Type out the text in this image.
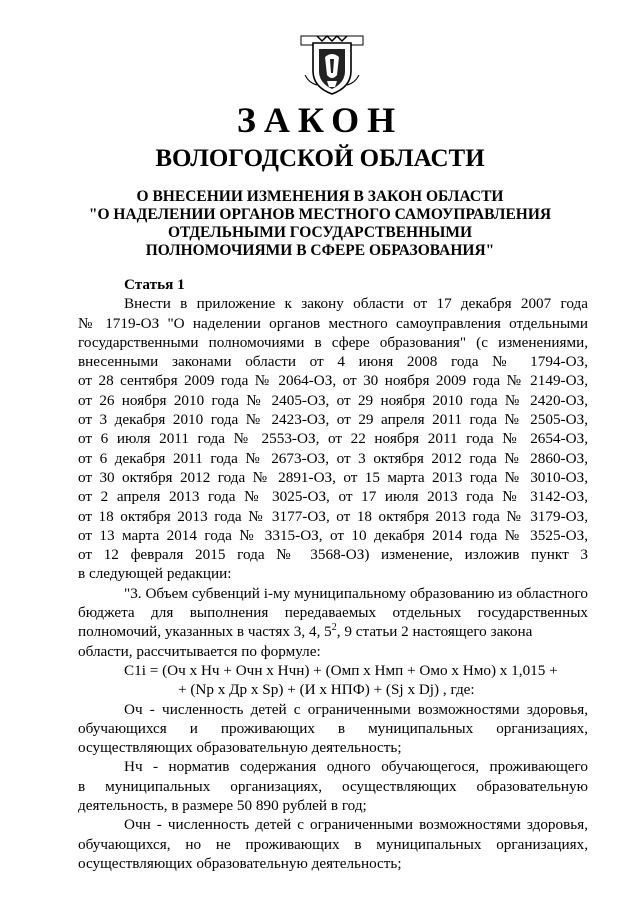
ЗАКОН
ВОЛОГОДСКОЙ ОБЛАСТИ
О ВНЕСЕНИИ ИЗМЕНЕНИЯ В ЗАКОН ОБЛАСТИ
"О НАДЕЛЕНИИ ОРГАНОВ МЕСТНОГО САМОУПРАВЛЕНИЯ
ОТДЕЛЬНЫМИ ГОСУДАРСТВЕННЫМИ
ПОЛНОМОЧИЯМИ В СФЕРЕ ОБРАЗОВАНИЯ"
Статья 1
Внести в приложение к закону области от 17 декабря 2007 года
№ 1719-ОЗ "О наделении органов местного самоуправления отдельными
государственными полномочиями в сфере образования" (с изменениями,
внесенными законами области от 4 июня 2008 года № 1794-ОЗ,
от 28 сентября 2009 года № 2064-ОЗ, от 30 ноября 2009 года № 2149-ОЗ,
от 26 ноября 2010 года № 2405-ОЗ, от 29 ноября 2010 года № 2420-ОЗ,
от 3 декабря 2010 года № 2423-ОЗ, от 29 апреля 2011 года № 2505-ОЗ,
от 6 июля 2011 года № 2553-ОЗ, от 22 ноября 2011 года № 2654-ОЗ,
от 6 декабря 2011 года № 2673-ОЗ, от 3 октября 2012 года № 2860-ОЗ,
от 30 октября 2012 года № 2891-ОЗ, от 15 марта 2013 года № 3010-ОЗ,
от 2 апреля 2013 года № 3025-ОЗ, от 17 июля 2013 года № 3142-ОЗ,
от 18 октября 2013 года № 3177-ОЗ, от 18 октября 2013 года № 3179-ОЗ,
от 13 марта 2014 года № 3315-ОЗ, от 10 декабря 2014 года № 3525-ОЗ,
от 12 февраля 2015 года № 3568-ОЗ) изменение, изложив пункт 3
в следующей редакции:
"3. Объем субвенций i-му муниципальному образованию из областного
бюджета для выполнения передаваемых отдельных государственных
полномочий, указанных в частях 3, 4, $5^2$, 9 статьи 2 настоящего закона
области, рассчитывается по формуле:
C1i = (Оч x Нч + Очн x Нчн) + (Омп x Нмп + Омо x Нмо) x 1,015 +
+ (Np x Др x Sp) + (И x НПФ) + (Sj x Dj) , где:
Оч - численность детей с ограниченными возможностями здоровья,
обучающихся и проживающих в муниципальных организациях,
осуществляющих образовательную деятельность;
Нч - норматив содержания одного обучающегося, проживающего
в муниципальных организациях, осуществляющих образовательную
деятельность, в размере 50 890 рублей в год;
Очн - численность детей с ограниченными возможностями здоровья,
обучающихся, но не проживающих в муниципальных организациях,
осуществляющих образовательную деятельность;
